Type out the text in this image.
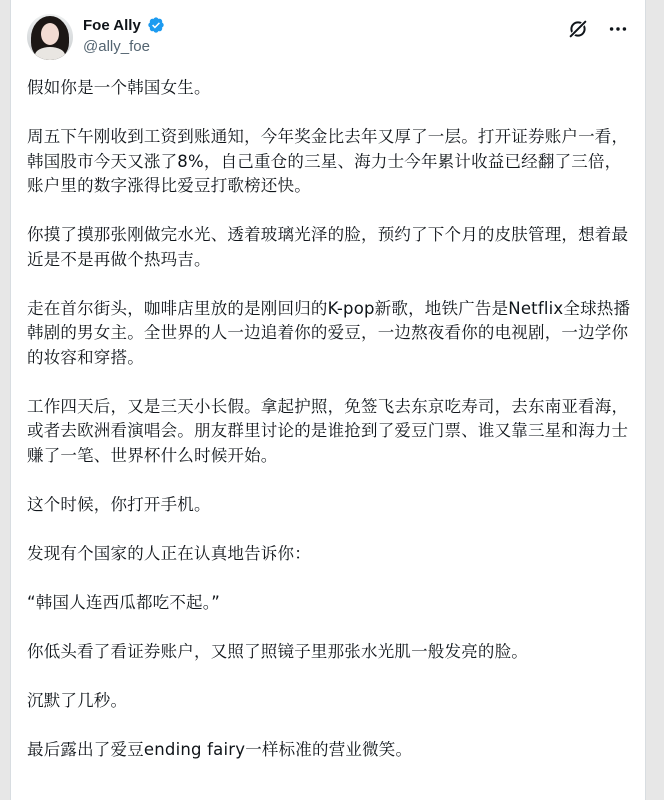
Foe Ally
@ally_foe

假如你是一个韩国女生。

周五下午刚收到工资到账通知，今年奖金比去年又厚了一层。打开证券账户一看，韩国股市今天又涨了8%，自己重仓的三星、海力士今年累计收益已经翻了三倍，账户里的数字涨得比爱豆打歌榜还快。

你摸了摸那张刚做完水光、透着玻璃光泽的脸，预约了下个月的皮肤管理，想着最近是不是再做个热玛吉。

走在首尔街头，咖啡店里放的是刚回归的K-pop新歌，地铁广告是Netflix全球热播韩剧的男女主。全世界的人一边追着你的爱豆，一边熬夜看你的电视剧，一边学你的妆容和穿搭。

工作四天后，又是三天小长假。拿起护照，免签飞去东京吃寿司，去东南亚看海，或者去欧洲看演唱会。朋友群里讨论的是谁抢到了爱豆门票、谁又靠三星和海力士赚了一笔、世界杯什么时候开始。

这个时候，你打开手机。

发现有个国家的人正在认真地告诉你：

“韩国人连西瓜都吃不起。”

你低头看了看证券账户，又照了照镜子里那张水光肌一般发亮的脸。

沉默了几秒。

最后露出了爱豆ending fairy一样标准的营业微笑。
